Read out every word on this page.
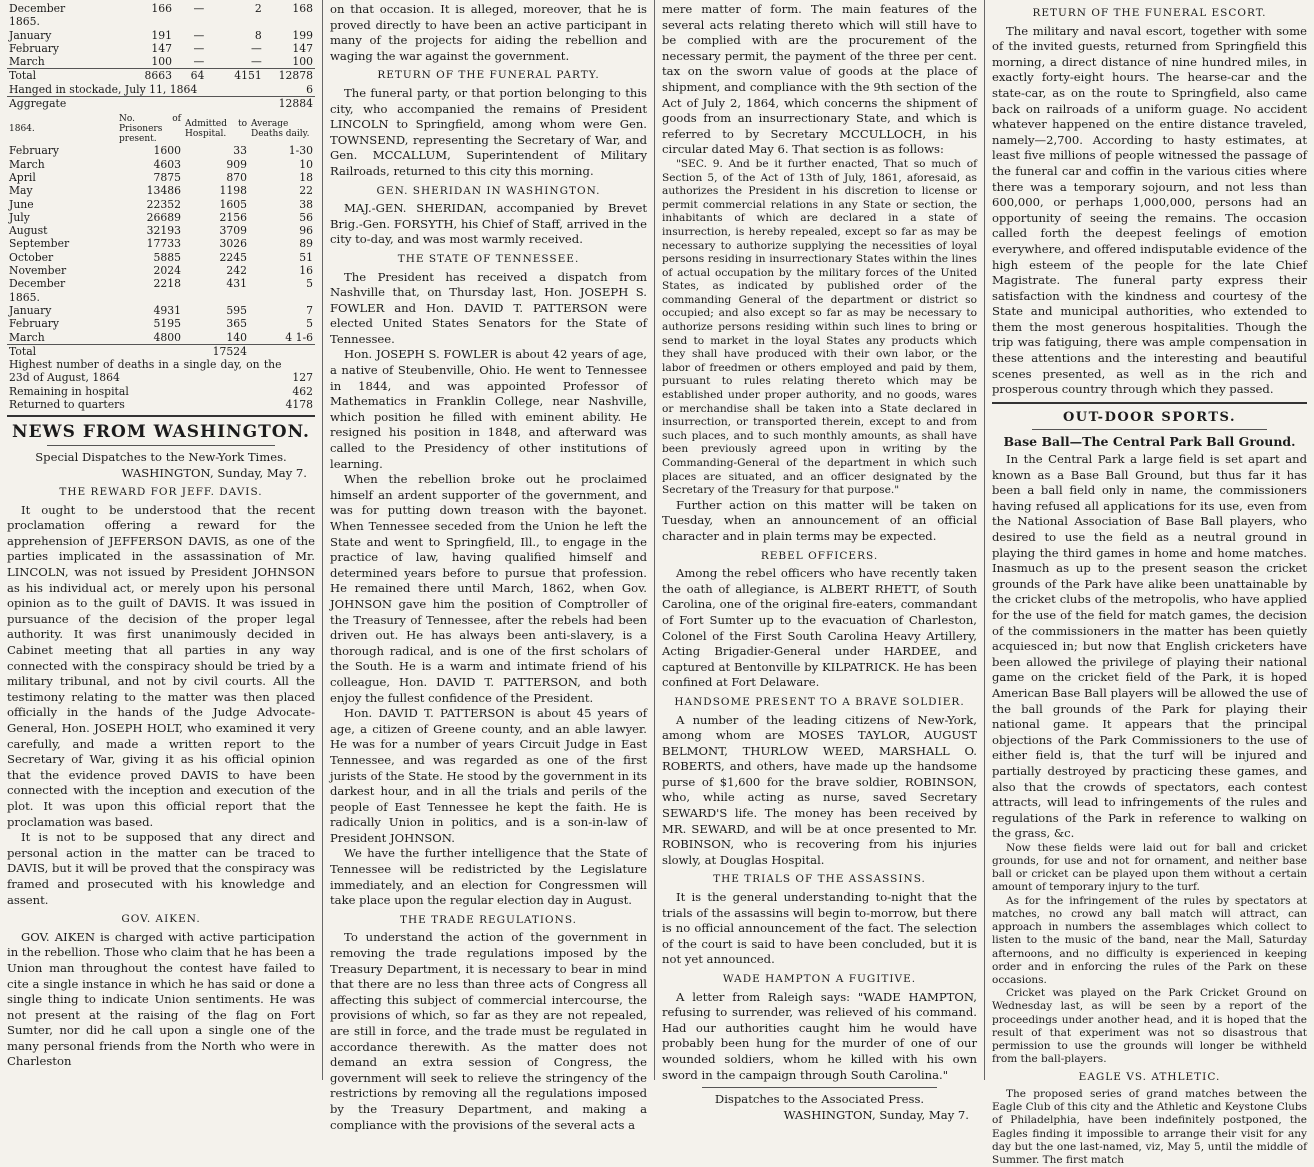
December	166	—	2	168
1865.				
January	191	—	8	199
February	147	—	—	147
March	100	—	—	100
Total	8663	64	4151	12878
Hanged in stockade, July 11, 1864				6
Aggregate				12884
1864.	No. of Prisoners present.	Admitted to Hospital.	Average Deaths daily.
February	1600	33	1-30
March	4603	909	10
April	7875	870	18
May	13486	1198	22
June	22352	1605	38
July	26689	2156	56
August	32193	3709	96
September	17733	3026	89
October	5885	2245	51
November	2024	242	16
December	2218	431	5
1865.			
January	4931	595	7
February	5195	365	5
March	4800	140	4 1-6
Total		17524	
Highest number of deaths in a single day, on the 23d of August, 1864	127
Remaining in hospital	462
Returned to quarters	4178
NEWS FROM WASHINGTON.

Special Dispatches to the New-York Times.

WASHINGTON, Sunday, May 7.

THE REWARD FOR JEFF. DAVIS.

It ought to be understood that the recent proclamation offering a reward for the apprehension of JEFFERSON DAVIS, as one of the parties implicated in the assassination of Mr. LINCOLN, was not issued by President JOHNSON as his individual act, or merely upon his personal opinion as to the guilt of DAVIS. It was issued in pursuance of the decision of the proper legal authority. It was first unanimously decided in Cabinet meeting that all parties in any way connected with the conspiracy should be tried by a military tribunal, and not by civil courts. All the testimony relating to the matter was then placed officially in the hands of the Judge Advocate-General, Hon. JOSEPH HOLT, who examined it very carefully, and made a written report to the Secretary of War, giving it as his official opinion that the evidence proved DAVIS to have been connected with the inception and execution of the plot. It was upon this official report that the proclamation was based.

It is not to be supposed that any direct and personal action in the matter can be traced to DAVIS, but it will be proved that the conspiracy was framed and prosecuted with his knowledge and assent.

GOV. AIKEN.

GOV. AIKEN is charged with active participation in the rebellion. Those who claim that he has been a Union man throughout the contest have failed to cite a single instance in which he has said or done a single thing to indicate Union sentiments. He was not present at the raising of the flag on Fort Sumter, nor did he call upon a single one of the many personal friends from the North who were in Charleston

on that occasion. It is alleged, moreover, that he is proved directly to have been an active participant in many of the projects for aiding the rebellion and waging the war against the government.

RETURN OF THE FUNERAL PARTY.

The funeral party, or that portion belonging to this city, who accompanied the remains of President LINCOLN to Springfield, among whom were Gen. TOWNSEND, representing the Secretary of War, and Gen. MCCALLUM, Superintendent of Military Railroads, returned to this city this morning.

GEN. SHERIDAN IN WASHINGTON.

MAJ.-GEN. SHERIDAN, accompanied by Brevet Brig.-Gen. FORSYTH, his Chief of Staff, arrived in the city to-day, and was most warmly received.

THE STATE OF TENNESSEE.

The President has received a dispatch from Nashville that, on Thursday last, Hon. JOSEPH S. FOWLER and Hon. DAVID T. PATTERSON were elected United States Senators for the State of Tennessee.

Hon. JOSEPH S. FOWLER is about 42 years of age, a native of Steubenville, Ohio. He went to Tennessee in 1844, and was appointed Professor of Mathematics in Franklin College, near Nashville, which position he filled with eminent ability. He resigned his position in 1848, and afterward was called to the Presidency of other institutions of learning.

When the rebellion broke out he proclaimed himself an ardent supporter of the government, and was for putting down treason with the bayonet. When Tennessee seceded from the Union he left the State and went to Springfield, Ill., to engage in the practice of law, having qualified himself and determined years before to pursue that profession. He remained there until March, 1862, when Gov. JOHNSON gave him the position of Comptroller of the Treasury of Tennessee, after the rebels had been driven out. He has always been anti-slavery, is a thorough radical, and is one of the first scholars of the South. He is a warm and intimate friend of his colleague, Hon. DAVID T. PATTERSON, and both enjoy the fullest confidence of the President.

Hon. DAVID T. PATTERSON is about 45 years of age, a citizen of Greene county, and an able lawyer. He was for a number of years Circuit Judge in East Tennessee, and was regarded as one of the first jurists of the State. He stood by the government in its darkest hour, and in all the trials and perils of the people of East Tennessee he kept the faith. He is radically Union in politics, and is a son-in-law of President JOHNSON.

We have the further intelligence that the State of Tennessee will be redistricted by the Legislature immediately, and an election for Congressmen will take place upon the regular election day in August.

THE TRADE REGULATIONS.

To understand the action of the government in removing the trade regulations imposed by the Treasury Department, it is necessary to bear in mind that there are no less than three acts of Congress all affecting this subject of commercial intercourse, the provisions of which, so far as they are not repealed, are still in force, and the trade must be regulated in accordance therewith. As the matter does not demand an extra session of Congress, the government will seek to relieve the stringency of the restrictions by removing all the regulations imposed by the Treasury Department, and making a compliance with the provisions of the several acts a

mere matter of form. The main features of the several acts relating thereto which will still have to be complied with are the procurement of the necessary permit, the payment of the three per cent. tax on the sworn value of goods at the place of shipment, and compliance with the 9th section of the Act of July 2, 1864, which concerns the shipment of goods from an insurrectionary State, and which is referred to by Secretary MCCULLOCH, in his circular dated May 6. That section is as follows:

"SEC. 9. And be it further enacted, That so much of Section 5, of the Act of 13th of July, 1861, aforesaid, as authorizes the President in his discretion to license or permit commercial relations in any State or section, the inhabitants of which are declared in a state of insurrection, is hereby repealed, except so far as may be necessary to authorize supplying the necessities of loyal persons residing in insurrectionary States within the lines of actual occupation by the military forces of the United States, as indicated by published order of the commanding General of the department or district so occupied; and also except so far as may be necessary to authorize persons residing within such lines to bring or send to market in the loyal States any products which they shall have produced with their own labor, or the labor of freedmen or others employed and paid by them, pursuant to rules relating thereto which may be established under proper authority, and no goods, wares or merchandise shall be taken into a State declared in insurrection, or transported therein, except to and from such places, and to such monthly amounts, as shall have been previously agreed upon in writing by the Commanding-General of the department in which such places are situated, and an officer designated by the Secretary of the Treasury for that purpose."

Further action on this matter will be taken on Tuesday, when an announcement of an official character and in plain terms may be expected.

REBEL OFFICERS.

Among the rebel officers who have recently taken the oath of allegiance, is ALBERT RHETT, of South Carolina, one of the original fire-eaters, commandant of Fort Sumter up to the evacuation of Charleston, Colonel of the First South Carolina Heavy Artillery, Acting Brigadier-General under HARDEE, and captured at Bentonville by KILPATRICK. He has been confined at Fort Delaware.

HANDSOME PRESENT TO A BRAVE SOLDIER.

A number of the leading citizens of New-York, among whom are MOSES TAYLOR, AUGUST BELMONT, THURLOW WEED, MARSHALL O. ROBERTS, and others, have made up the handsome purse of $1,600 for the brave soldier, ROBINSON, who, while acting as nurse, saved Secretary SEWARD'S life. The money has been received by MR. SEWARD, and will be at once presented to Mr. ROBINSON, who is recovering from his injuries slowly, at Douglas Hospital.

THE TRIALS OF THE ASSASSINS.

It is the general understanding to-night that the trials of the assassins will begin to-morrow, but there is no official announcement of the fact. The selection of the court is said to have been concluded, but it is not yet announced.

WADE HAMPTON A FUGITIVE.

A letter from Raleigh says: "WADE HAMPTON, refusing to surrender, was relieved of his command. Had our authorities caught him he would have probably been hung for the murder of one of our wounded soldiers, whom he killed with his own sword in the campaign through South Carolina."

Dispatches to the Associated Press.

WASHINGTON, Sunday, May 7.

RETURN OF THE FUNERAL ESCORT.

The military and naval escort, together with some of the invited guests, returned from Springfield this morning, a direct distance of nine hundred miles, in exactly forty-eight hours. The hearse-car and the state-car, as on the route to Springfield, also came back on railroads of a uniform guage. No accident whatever happened on the entire distance traveled, namely—2,700. According to hasty estimates, at least five millions of people witnessed the passage of the funeral car and coffin in the various cities where there was a temporary sojourn, and not less than 600,000, or perhaps 1,000,000, persons had an opportunity of seeing the remains. The occasion called forth the deepest feelings of emotion everywhere, and offered indisputable evidence of the high esteem of the people for the late Chief Magistrate. The funeral party express their satisfaction with the kindness and courtesy of the State and municipal authorities, who extended to them the most generous hospitalities. Though the trip was fatiguing, there was ample compensation in these attentions and the interesting and beautiful scenes presented, as well as in the rich and prosperous country through which they passed.

OUT-DOOR SPORTS.
Base Ball—The Central Park Ball Ground.

In the Central Park a large field is set apart and known as a Base Ball Ground, but thus far it has been a ball field only in name, the commissioners having refused all applications for its use, even from the National Association of Base Ball players, who desired to use the field as a neutral ground in playing the third games in home and home matches. Inasmuch as up to the present season the cricket grounds of the Park have alike been unattainable by the cricket clubs of the metropolis, who have applied for the use of the field for match games, the decision of the commissioners in the matter has been quietly acquiesced in; but now that English cricketers have been allowed the privilege of playing their national game on the cricket field of the Park, it is hoped American Base Ball players will be allowed the use of the ball grounds of the Park for playing their national game. It appears that the principal objections of the Park Commissioners to the use of either field is, that the turf will be injured and partially destroyed by practicing these games, and also that the crowds of spectators, each contest attracts, will lead to infringements of the rules and regulations of the Park in reference to walking on the grass, &c.

Now these fields were laid out for ball and cricket grounds, for use and not for ornament, and neither base ball or cricket can be played upon them without a certain amount of temporary injury to the turf.

As for the infringement of the rules by spectators at matches, no crowd any ball match will attract, can approach in numbers the assemblages which collect to listen to the music of the band, near the Mall, Saturday afternoons, and no difficulty is experienced in keeping order and in enforcing the rules of the Park on these occasions.

Cricket was played on the Park Cricket Ground on Wednesday last, as will be seen by a report of the proceedings under another head, and it is hoped that the result of that experiment was not so disastrous that permission to use the grounds will longer be withheld from the ball-players.

EAGLE VS. ATHLETIC.

The proposed series of grand matches between the Eagle Club of this city and the Athletic and Keystone Clubs of Philadelphia, have been indefinitely postponed, the Eagles finding it impossible to arrange their visit for any day but the one last-named, viz, May 5, until the middle of Summer. The first match
